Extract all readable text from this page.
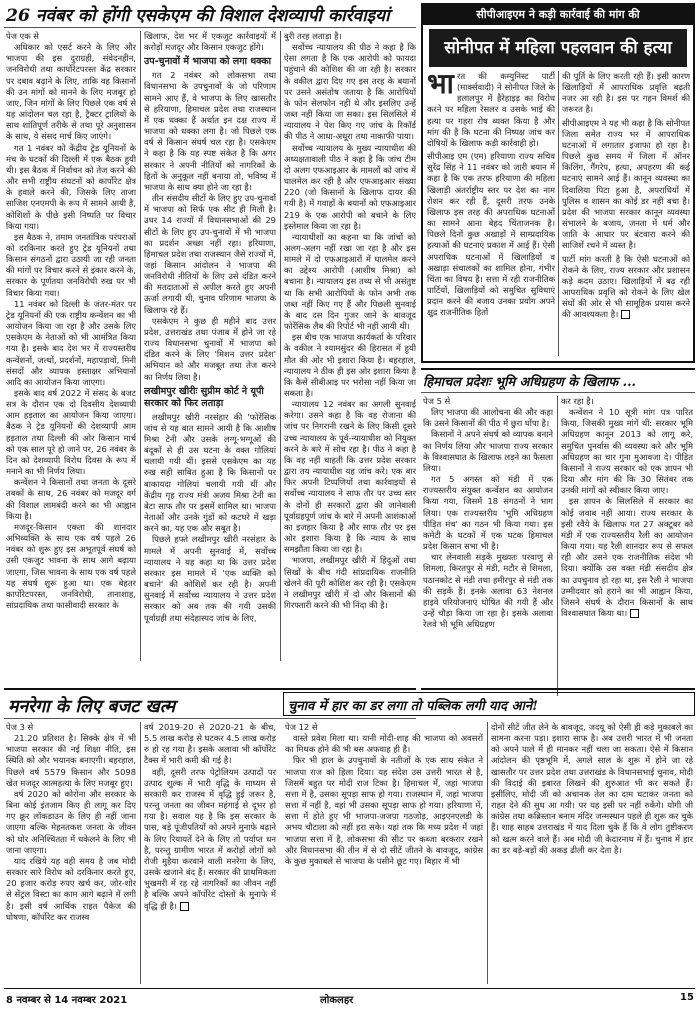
26 नवंबर को होंगी एसकेएम की विशाल देशव्यापी कार्रवाइयां

पेज एक से

अधिकार को एसर्ट करने के लिए और भाजपा की इस दुराग्रही, संवेदनहीन, जनविरोधी तथा कार्पोरेटपरस्त केंद्र सरकार पर दबाव बढ़ाने के लिए, ताकि वह किसानों की उन मांगों को मानने के लिए मजबूर हो जाए, जिन मांगों के लिए पिछले एक वर्ष से यह आंदोलन चल रहा है, ट्रैक्टर ट्रालियों के साथ शांतिपूर्ण तरीके से तथा पूरे अनुशासन के साथ, ये संसद मार्च किए जाएंगे।

गत 1 नवंबर को केंद्रीय ट्रेड यूनियनों के मंच के घटकों की दिल्ली में एक बैठक हुयी थी। इस बैठक में निर्वाचन को तेज करने की और सभी राष्ट्रीय संघटनों को कार्पोरेट क्षेत्र के हवाले करने की, जिसके लिए ताजा साजिश एनएमपी के रूप में सामने आयी है, कोशिशों के पीछे इसी निष्पति पर विचार किया गया।

इस बैठक ने, तमाम जनतांत्रिक परंपराओं को दरकिनार करते हुए ट्रेड यूनियनों तथा किसान संगठनों द्वारा उठायी जा रही जनता की मांगों पर विचार करने से इंकार करने के, सरकार के पूर्णतया जनविरोधी रुख पर भी विचार किया गया।

11 नवंबर को दिल्ली के जंतर-मंतर पर ट्रेड यूनियनों की एक राष्ट्रीय कन्वेंशन का भी आयोजन किया जा रहा है और उसके लिए एसकेएम के नेताओं को भी आमंत्रित किया गया है। इसके बाद देश भर में राज्यस्तरीय कन्वेंशनों, जत्थों, प्रदर्शनों, महापड़ावों, मिनी संसदों और व्यापक हस्ताक्षर अभियानों आदि का आयोजन किया जाएगा।

इसके बाद वर्ष 2022 में संसद के बजट सत्र के दौरान एक दो दिवसीय देशव्यापी आम हड़ताल का आयोजन किया जाएगा। बैठक ने ट्रेड यूनियनों की देशव्यापी आम हड़ताल तथा दिल्ली की ओर किसान मार्च को एक साल पूरे हो जाने पर, 26 नवंबर के दिन को देशव्यापी विरोध दिवस के रूप में मनाने का भी निर्णय लिया।

कन्वेंशन ने किसानों तथा जनता के दूसरे तबकों के साथ, 26 नवंबर को मजदूर वर्ग की विशाल लामबंदी करने का भी आह्वान किया है।

मजदूर-किसान एकता की शानदार अभिव्यक्ति के साथ एक वर्ष पहले 26 नवंबर को शुरू हुए इस अभूतपूर्व संघर्ष को उसी एकजुट भावना के साथ आगे बढ़ाया जाएगा, जिस भावना के साथ एक वर्ष पहले यह संघर्ष शुरू हुआ था। एक बेहतर कार्पोरेटपरस्त, जनविरोधी, तानाशाह, सांप्रदायिक तथा फासीवादी सरकार के

खिलाफ, देश भर में एकजुट कार्रवाइयों में करोड़ों मजदूर और किसान एकजुट होंगे।

उप-चुनावों में भाजपा को लगा धक्का

गत 2 नवंबर को लोकसभा तथा विधानसभा के उपचुनावों के जो परिणाम सामने आए हैं, वे भाजपा के लिए खासतौर से हरियाणा, हिमाचल प्रदेश तथा राजस्थान में एक धक्का हैं अर्थात इन दक्ष राज्य में भाजपा को धक्का लगा है। जो पिछले एक वर्ष से किसान संघर्ष चल रहा है। एसकेएम ने कहा है कि यह स्पष्ट संकेत है कि अगर सरकार ने अपनी नीतियों को नागरिकों के हितों के अनुकूल नहीं बनाया तो, भविष्य में भाजपा के साथ क्या होने जा रहा है।

तीन संसदीय सीटों के लिए हुए उप-चुनावों में भाजपा को सिर्फ एक सीट ही मिली है। उधर 14 राज्यों में विधानसभाओं की 29 सीटों के लिए हुए उप-चुनावों में भी भाजपा का प्रदर्शन अच्छा नहीं रहा। हरियाणा, हिमाचल प्रदेश तथा राजस्थान जैसे राज्यों में, जहां किसान आंदोलन ने भाजपा की जनविरोधी नीतियों के लिए उसे दंडित करने की मतदाताओं से अपील करते हुए अपनी ऊर्जा लगायी थी, चुनाव परिणाम भाजपा के खिलाफ रहे हैं।

एसकेएम ने कुछ ही महीने बाद उत्तर प्रदेश, उत्तराखंड तथा पंजाब में होने जा रहे राज्य विधानसभा चुनावों में भाजपा को दंडित करने के लिए 'मिशन उत्तर प्रदेश' अभियान को और मजबूत तथा तेज करने का निर्णय लिया है।

लखीमपुर खीरीः सुप्रीम कोर्ट ने यूपी सरकार को फिर लताड़ा

लखीमपुर खीरी नरसंहार की 'फोरेंसिक जांच से यह बात सामने आयी है कि आशीष मिश्रा टेनी और उसके लग्गू-भग्गूओं की बंदूकों से ही उस घटना के वक्त गोलियां चलायी गयी थीं। इससे एसकेएम का यह रुख सही साबित हुआ है कि किसानों पर बाकायदा गोलियां चलायी गयी थीं और केंद्रीय गृह राज्य मंत्री अजय मिश्रा टेनी का बेटा साफ तौर पर इसमें शामिल था। भाजपा नेताओं और उनके गुंडों को कटघरे में खड़ा करने का, यह एक और सबूत है।

पिछले हफ्ते लखीमपुर खीरी नरसंहार के मामले में अपनी सुनवाई में, सर्वोच्च न्यायालय ने यह कहा था कि उत्तर प्रदेश सरकार इस मामले में 'एक व्यक्ति को बचाने' की कोशिशें कर रही है। अपनी सुनवाई में सर्वोच्च न्यायालय ने उत्तर प्रदेश सरकार को अब तक की गयी उसकी पूर्वाग्रही तथा संदेहास्पद जांच के लिए,

बुरी तरह लताड़ा है।

सर्वोच्च न्यायालय की पीठ ने कहा है कि ऐसा लगता है कि एक आरोपी को फायदा पहुंचाने की कोशिश की जा रही है। सरकार के वकील द्वारा दिए गए इस तरह के बयानों पर उसने असंतोष जताया है कि आरोपियों के फोन सेलफोन नहीं थे और इसलिए उन्हें जब्त नहीं किया जा सका। इस सिलसिले में न्यायालय ने पेश किए गए जांच के रिकॉर्ड की पीठ ने आधा-अधूरा तथा नाकाफी पाया।

सर्वोच्च न्यायालय के मुख्य न्यायाधीश की अध्यक्षतावाली पीठ ने कहा है कि जांच टीम दो अलग एफआइआर के मामलों को जांच में घालमेल कर रही है और एफआइआर संख्या 220 (जो किसानों के खिलाफ दायर की गयी है) में गवाहों के बयानों को एफआइआर 219 के एक आरोपी को बचाने के लिए इस्तेमाल किया जा रहा है।

न्यायाधीशों का कहना था कि जांचों को अलग-अलग नहीं रखा जा रहा है और इस मामले में दो एफआइआरों में घालमेल करने का उद्देश्य आरोपी (आशीष मिश्रा) को बचाना है। न्यायालय इस तथ्य से भी असंतुष्ट था कि सभी आरोपियों के फोन अभी तक जब्त नहीं किए गए हैं और पिछली सुनवाई के बाद दस दिन गुजर जाने के बावजूद फोरेंसिक लैब की रिपोर्ट भी नहीं आयी थी।

इस बीच एक भाजपा कार्यकर्ता के परिवार के वकील ने श्यामसुंदर की हिरासत में हुयी मौत की ओर भी इशारा किया है। बहरहाल, न्यायालय ने ठीक ही इस ओर इशारा किया है कि कैसे सीबीआइ पर भरोसा नहीं किया जा सकता है।

न्यायालय 12 नवंबर का अगली सुनवाई करेगा। उसने कहा है कि वह रोजाना की जांच पर निगरानी रखने के लिए किसी दूसरे उच्च न्यायालय के पूर्व-न्यायाधीश को नियुक्त करने के बारे में सोच रहा है। पीठ ने कहा है कि वह नहीं चाहती कि उत्तर प्रदेश सरकार द्वारा तय न्यायाधीश यह जांच करे। एक बार फिर अपनी टिप्पणियों तथा कार्रवाइयों से सर्वोच्च न्यायालय ने साफ तौर पर उच्च स्तर के दोनों ही सरकारों द्वारा की जानेवाली पूर्वाग्रहपूर्ण जांच के बारे में अपनी आशंकाओं का इजहार किया है और साफ तौर पर इस ओर इशारा किया है कि न्याय के साथ समझौता किया जा रहा है।

भाजपा, लखीमपुर खीरी में हिंदुओं तथा सिखों के बीच गंदी सांप्रदायिक राजनीति खेलने की पूरी कोशिश कर रही है। एसकेएम ने लखीमपुर खीरी में दो और किसानों की गिरफ्तारी करने की भी निंदा की है।

सीपीआइएम ने कड़ी कार्रवाई की मांग की
सोनीपत में महिला पहलवान की हत्या

भारत की कम्युनिस्ट पार्टी (मार्क्सवादी) ने सोनीपत जिले के हलालपुर में हैरेहाइड़ का विरोध करने पर महिला रेसलर व उसके भाई की हत्या पर गहरा रोष व्यक्त किया है और मांग की है कि घटना की निष्पक्ष जांच कर दोषियों के खिलाफ कड़ी कार्रवाही हो।

सीपीआइ एम (एम) हरियाणा राज्य सचिव सुरेंद्र सिंह ने 11 नवंबर को जारी बयान में कहा है कि एक तरफ हरियाणा की महिला खिलाड़ी अंतर्राष्ट्रीय स्तर पर देश का नाम रोशन कर रही हैं, दूसरी तरफ उनके खिलाफ इस तरह की अपराधिक घटनाओं का सामने आना बेहद चिंताजनक है। पिछले दिनों कुछ अखाड़ों में साम्प्रदायिक हत्याओं की घटनाएं प्रकाश में आई हैं। ऐसी अपराधिक घटनाओं में खिलाड़ियों व अखाड़ा संचालकों का शामिल होना, गंभीर चिंता का विषय है। सत्ता में रही राजनीतिक पार्टियों, खिलाड़ियों को समुचित सुविधाएं प्रदान करने की बजाय उनका प्रयोग अपने क्षुद्र राजनीतिक हितों

की पूर्ति के लिए करती रही हैं। इसी कारण खिलाड़ियों में आपराधिक प्रवृत्ति बढ़ती नजर आ रही है। इस पर गहन विमर्श की जरूरत है।

सीपीआइएम ने यह भी कहा है कि सोनीपत जिला समेत राज्य भर में आपराधिक घटनाओं में लगातार इजाफा हो रहा है। पिछले कुछ समय में जिला में ऑनर किलिंग, गैंगरेप, हत्या, अपहरण की कई घटनाएं सामने आई हैं। कानून व्यवस्था का दिवालिया पिटा हुआ है, अपराधियों में पुलिस व शासन का कोई डर नहीं बचा है। प्रदेश की भाजपा सरकार कानून व्यवस्था संभालने के बजाय, जनता में धर्म और जाति के आधार पर बंटवारा करने की साजिशें रचने में व्यस्त है।

पार्टी मांग करती है कि ऐसी घटनाओं को रोकने के लिए, राज्य सरकार और प्रशासन कड़े कदम उठाए। खिलाड़ियों में बढ़ रही आपराधिक प्रवृत्ति को रोकने के लिए खेल संघों की ओर से भी सामूहिक प्रयास करने की आवश्यकता है।

हिमाचल प्रदेशः भूमि अधिग्रहण के खिलाफ ...

पेज 5 से

लिए भाजपा की आलोचना की और कहा कि उसने किसानों की पीठ में छुरा घोंपा है।

किसानों ने अपने संघर्ष को व्यापक बनाने का निर्णय लिया और भाजपा राज्य सरकार के विश्वासघात के खिलाफ लड़ने का फैसला लिया।

गत 5 अगस्त को मंडी में एक राज्यस्तरीय संयुक्त कन्वेंशन का आयोजन किया गया, जिसमें 18 संगठनों ने भाग लिया। एक राज्यस्तरीय 'भूमि अधिग्रहण पीड़ित मंच' का गठन भी किया गया। इस कमेटी के घटकों में एक घटक हिमाचल प्रदेश किसान सभा भी है।

चार लेनवाली सड़कें मुख्यतः परवाणु से शिमला, किरतपुर से मंडी, मटौर से शिमला, पठानकोट से मंडी तथा हमीरपुर से मंडी तक की सड़कें हैं। इनके अलावा 63 नेशनल हाइवे परियोजनाएं घोषित की गयी हैं और उन्हें चौड़ा किया जा रहा है। इसके अलावा रेलवे भी भूमि अधिग्रहण

कर रहा है।

कन्वेंशन ने 10 सूत्री मांग पत्र पारित किया, जिसकी मुख्य मांगें थीं: सरकार भूमि अधिग्रहण कानून 2013 को लागू करे, समुचित पुनर्वास की व्यवस्था करे और भूमि अधिग्रहण का चार गुना मुआवजा दे। पीड़ित किसानों ने राज्य सरकार को एक ज्ञापन भी दिया और मांग की कि 30 सितंबर तक उनकी मांगों को स्वीकार किया जाए।

इस ज्ञापन के सिलसिले में सरकार का कोई जवाब नहीं आया। राज्य सरकार के इसी रवैये के खिलाफ गत 27 अक्टूबर को मंडी में एक राज्यस्तरीय रैली का आयोजन किया गया। यह रैली शानदार रूप से सफल रही और उसने एक राजनीतिक संदेश भी दिया। क्योंकि उस वक्त मंडी संसदीय क्षेत्र का उपचुनाव हो रहा था, इस रैली ने भाजपा उम्मीदवार को हराने का भी आह्वान किया, जिसने संघर्ष के दौरान किसानों के साथ विश्वासघात किया था।

मनरेगा के लिए बजट खत्म

पेज 3 से

21.20 प्रतिशत है। सिक्के क्षेत्र में भी भाजपा सरकार की नई शिक्षा नीति, इस स्थिति को और भयानक बनाएगी। बहरहाल, पिछले वर्ष 5579 किसान और 5098 खेत मजदूर आत्महत्या के लिए मजबूर हुए।

वर्ष 2020 को कोरोना और सरकार के बिना कोई इंतजाम किए ही लागू कर दिए गए क्रूर लॉकडाउन के लिए ही नहीं जाना जाएगा बल्कि मेहनतकश जनता के जीवन को घोर अनिश्चितता में धकेलने के लिए भी जाना जाएगा।

याद रखिये यह वही समय है जब मोदी सरकार सारे विरोध को दरकिनार करते हुए, 20 हजार करोड़ रुपए खर्च कर, जोर-शोर से सेंट्रल विस्टा का काम आगे बढ़ाने में लगी है। इसी वर्ष आर्थिक राहत पैकेज की घोषणा, कॉर्पोरेट कर राजस्व

वर्ष 2019-20 से 2020-21 के बीच, 5.5 लाख करोड़ से घटकर 4.5 लाख करोड़ रु हो रह गया है। इसके अलावा भी कॉर्पोरेट टैक्स में भारी कमी की गई है।

वहीं, दूसरी तरफ पेट्रोलियम उत्पादों पर उत्पाद शुल्क में भारी वृद्धि के माध्यम से सरकारी कर राजस्व में वृद्धि हुई जरूर है, परन्तु जनता का जीवन महंगाई से दूभर हो गया है। सवाल यह है कि इस सरकार के पास, बड़े पूंजीपतियों को अपने मुनाफे बढ़ाने के लिए रियायतें देने के लिए तो पर्याप्त धन है, परन्तु ग्रामीण भारत में करोड़ों लोगों को रोजी मुहैया करवाने वाली मनरेगा के लिए, उसके खजाने बंद हैं। सरकार की प्राथमिकता भुखमरी में रह रहे नागरिकों का जीवन नहीं है बल्कि अपने कॉर्पोरेट दोस्तों के मुनाफे में वृद्धि ही है।

चुनाव में हार का डर लगा तो पब्लिक लगी याद आने!

पेज 12 से

वास्ते प्रवेश मिला था। यानी मोदी-शाह की भाजपा को अवसरों का मिथक होने की भी बस अफवाह ही है।

फिर भी हाल के उपचुनावों के नतीजों के एक साथ संकेत ने भाजपा राज को हिला दिया। यह संदेश उस उत्तरी भारत से है, जिसमें बहुत पर मोदी राज टिका है। हिमाचल में, जहां भाजपा सत्ता में है, उसका सूपड़ा साफ हो गया। राजस्थान में, जहां भाजपा सत्ता में नहीं है, वहां भी उसका सूपड़ा साफ हो गया। हरियाणा में, सत्ता में होते हुए भी भाजपा-जजपा गठजोड़, आइएनएलडी के अभय चौटाला को नहीं हरा सके। यहां तक कि मध्य प्रदेश में जहां भाजपा सत्ता में है, लोकसभा की सीट पर कब्जा बरकरार रखने और विधानसभा की तीन में से दो सीटें जीतने के बावजूद, कांग्रेस के कुछ मुकाबले से भाजपा के पसीने छूट गए। बिहार में भी

दोनों सीटें जीत लेने के बावजूद, जदयू को ऐसी ही कड़े मुकाबले का सामना करना पड़ा। इशारा साफ है। अब उत्तरी भारत में भी जनता को अपने पाले में ही मानकर नहीं चला जा सकता। ऐसे में किसान आंदोलन की पृष्ठभूमि में, अगले साल के शुरू में होने जा रहे खासतौर पर उत्तर प्रदेश तथा उत्तराखंड के विधानसभाई चुनाव, मोदी की विदाई की इबारत लिखने की शुरुआत भी कर सकते हैं। इसीलिए, मोदी जी को अचानक तेल का दाम घटाकर जनता को राहत देने की सुध आ गयी। पर यह इसी पर नहीं रुकेंगे। योगी जी कांग्रेस तथा कब्रिस्तान बनाम मंदिर जन्मस्थान पहले ही शुरू कर चुके हैं। शाह साहब उत्तराखंड में याद दिला चुके हैं कि वे लोग तुष्टीकरण को खत्म करने वाले हैं। अब मोदी जी केदारनाथ में हैं। चुनाव में हार का डर बड़े-बड़ों की अकड़ ढीली कर देता है।

8 नवम्बर से 14 नवम्बर 2021	लोकलहर	15
